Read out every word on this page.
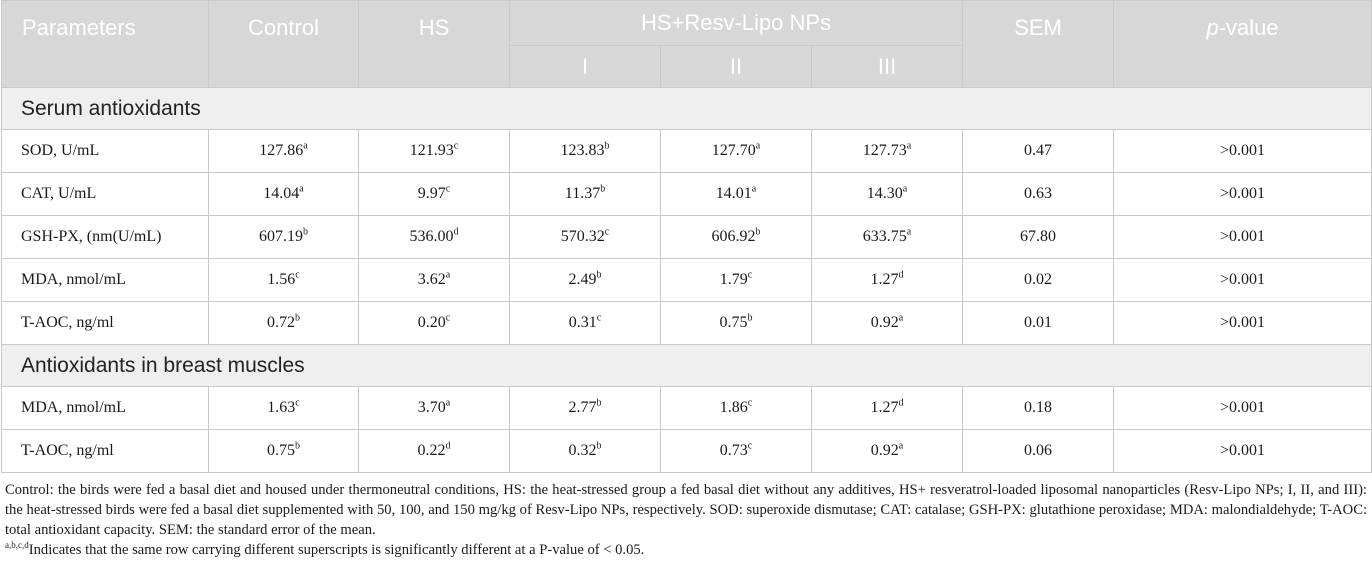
Parameters	Control	HS	HS+Resv-Lipo NPs			SEM	p-value
			I	II	III		
Serum antioxidants							
SOD, U/mL	127.86$^a$	121.93$^c$	123.83$^b$	127.70$^a$	127.73$^a$	0.47	>0.001
CAT, U/mL	14.04$^a$	9.97$^c$	11.37$^b$	14.01$^a$	14.30$^a$	0.63	>0.001
GSH-PX, (nm(U/mL)	607.19$^b$	536.00$^d$	570.32$^c$	606.92$^b$	633.75$^a$	67.80	>0.001
MDA, nmol/mL	1.56$^c$	3.62$^a$	2.49$^b$	1.79$^c$	1.27$^d$	0.02	>0.001
T-AOC, ng/ml	0.72$^b$	0.20$^c$	0.31$^c$	0.75$^b$	0.92$^a$	0.01	>0.001
Antioxidants in breast muscles							
MDA, nmol/mL	1.63$^c$	3.70$^a$	2.77$^b$	1.86$^c$	1.27$^d$	0.18	>0.001
T-AOC, ng/ml	0.75$^b$	0.22$^d$	0.32$^b$	0.73$^c$	0.92$^a$	0.06	>0.001

Control: the birds were fed a basal diet and housed under thermoneutral conditions, HS: the heat-stressed group a fed basal diet without any additives, HS+ resveratrol-loaded liposomal nanoparticles (Resv-Lipo NPs; I, II, and III): the heat-stressed birds were fed a basal diet supplemented with 50, 100, and 150 mg/kg of Resv-Lipo NPs, respectively. SOD: superoxide dismutase; CAT: catalase; GSH-PX: glutathione peroxidase; MDA: malondialdehyde; T-AOC: total antioxidant capacity. SEM: the standard error of the mean.

$^{a,b,c,d}$Indicates that the same row carrying different superscripts is significantly different at a P-value of < 0.05.
